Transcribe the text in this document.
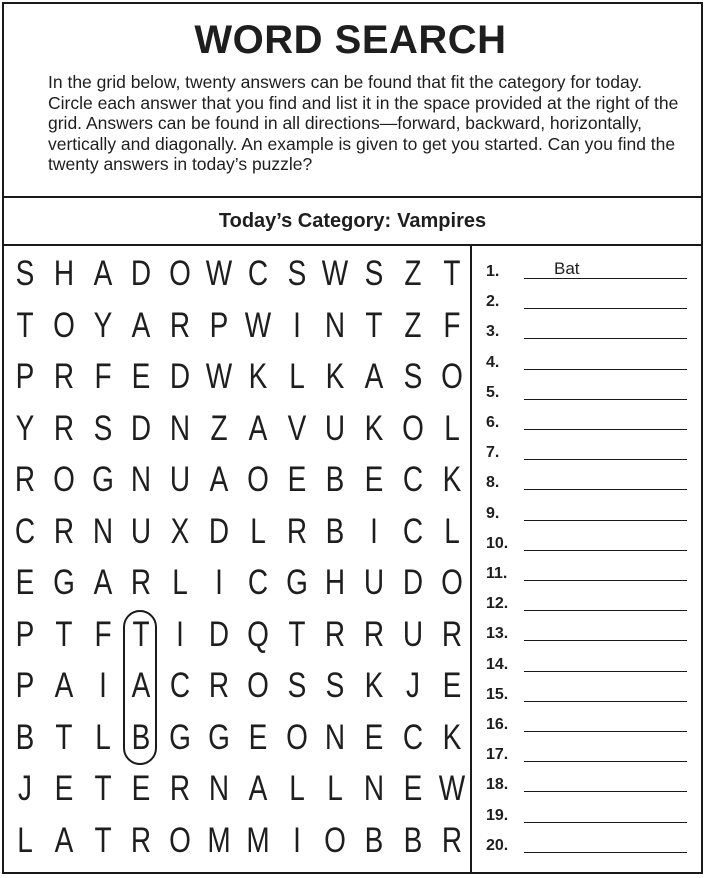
WORD SEARCH

In the grid below, twenty answers can be found that fit the category for today. Circle each answer that you find and list it in the space provided at the right of the grid. Answers can be found in all directions—forward, backward, horizontally, vertically and diagonally. An example is given to get you started. Can you find the twenty answers in today’s puzzle?

Today’s Category: Vampires
S H A D O W C S W S Z T
T O Y A R P W I N T Z F
P R F E D W K L K A S O
Y R S D N Z A V U K O L
R O G N U A O E B E C K
C R N U X D L R B I C L
E G A R L I C G H U D O
P T F T I D Q T R R U R
P A I A C R O S S K J E
B T L B G G E O N E C K
J E T E R N A L L N E W
L A T R O M M I O B B R
1.	Bat
2.
3.
4.
5.
6.
7.
8.
9.
10.
11.
12.
13.
14.
15.
16.
17.
18.
19.
20.
